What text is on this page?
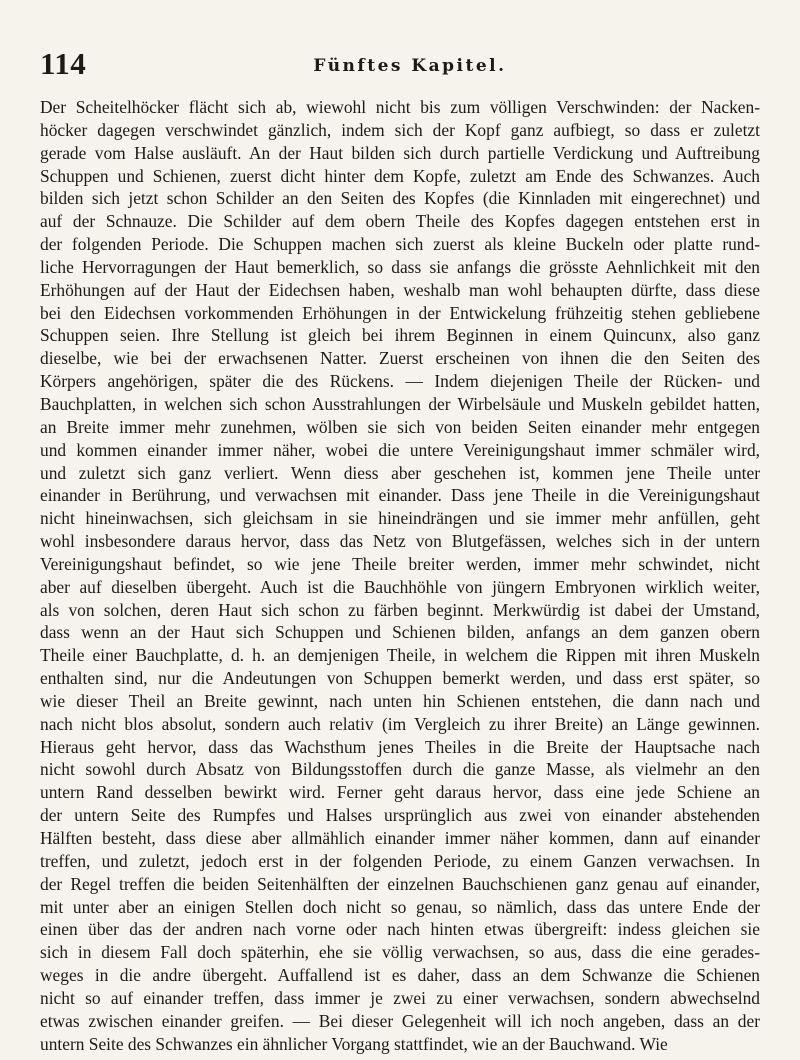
114	Fünftes Kapitel.
Der Scheitelhöcker flächt sich ab, wiewohl nicht bis zum völligen Verschwinden: der Nacken-
höcker dagegen verschwindet gänzlich, indem sich der Kopf ganz aufbiegt, so dass er zuletzt
gerade vom Halse ausläuft. An der Haut bilden sich durch partielle Verdickung und Auftreibung
Schuppen und Schienen, zuerst dicht hinter dem Kopfe, zuletzt am Ende des Schwanzes. Auch
bilden sich jetzt schon Schilder an den Seiten des Kopfes (die Kinnladen mit eingerechnet) und
auf der Schnauze. Die Schilder auf dem obern Theile des Kopfes dagegen entstehen erst in
der folgenden Periode. Die Schuppen machen sich zuerst als kleine Buckeln oder platte rund-
liche Hervorragungen der Haut bemerklich, so dass sie anfangs die grösste Aehnlichkeit mit den
Erhöhungen auf der Haut der Eidechsen haben, weshalb man wohl behaupten dürfte, dass diese
bei den Eidechsen vorkommenden Erhöhungen in der Entwickelung frühzeitig stehen gebliebene
Schuppen seien. Ihre Stellung ist gleich bei ihrem Beginnen in einem Quincunx, also ganz
dieselbe, wie bei der erwachsenen Natter. Zuerst erscheinen von ihnen die den Seiten des
Körpers angehörigen, später die des Rückens. — Indem diejenigen Theile der Rücken- und
Bauchplatten, in welchen sich schon Ausstrahlungen der Wirbelsäule und Muskeln gebildet hatten,
an Breite immer mehr zunehmen, wölben sie sich von beiden Seiten einander mehr entgegen
und kommen einander immer näher, wobei die untere Vereinigungshaut immer schmäler wird,
und zuletzt sich ganz verliert. Wenn diess aber geschehen ist, kommen jene Theile unter
einander in Berührung, und verwachsen mit einander. Dass jene Theile in die Vereinigungshaut
nicht hineinwachsen, sich gleichsam in sie hineindrängen und sie immer mehr anfüllen, geht
wohl insbesondere daraus hervor, dass das Netz von Blutgefässen, welches sich in der untern
Vereinigungshaut befindet, so wie jene Theile breiter werden, immer mehr schwindet, nicht
aber auf dieselben übergeht. Auch ist die Bauchhöhle von jüngern Embryonen wirklich weiter,
als von solchen, deren Haut sich schon zu färben beginnt. Merkwürdig ist dabei der Umstand,
dass wenn an der Haut sich Schuppen und Schienen bilden, anfangs an dem ganzen obern
Theile einer Bauchplatte, d. h. an demjenigen Theile, in welchem die Rippen mit ihren Muskeln
enthalten sind, nur die Andeutungen von Schuppen bemerkt werden, und dass erst später, so
wie dieser Theil an Breite gewinnt, nach unten hin Schienen entstehen, die dann nach und
nach nicht blos absolut, sondern auch relativ (im Vergleich zu ihrer Breite) an Länge gewinnen.
Hieraus geht hervor, dass das Wachsthum jenes Theiles in die Breite der Hauptsache nach
nicht sowohl durch Absatz von Bildungsstoffen durch die ganze Masse, als vielmehr an den
untern Rand desselben bewirkt wird. Ferner geht daraus hervor, dass eine jede Schiene an
der untern Seite des Rumpfes und Halses ursprünglich aus zwei von einander abstehenden
Hälften besteht, dass diese aber allmählich einander immer näher kommen, dann auf einander
treffen, und zuletzt, jedoch erst in der folgenden Periode, zu einem Ganzen verwachsen. In
der Regel treffen die beiden Seitenhälften der einzelnen Bauchschienen ganz genau auf einander,
mit unter aber an einigen Stellen doch nicht so genau, so nämlich, dass das untere Ende der
einen über das der andren nach vorne oder nach hinten etwas übergreift: indess gleichen sie
sich in diesem Fall doch späterhin, ehe sie völlig verwachsen, so aus, dass die eine gerades-
weges in die andre übergeht. Auffallend ist es daher, dass an dem Schwanze die Schienen
nicht so auf einander treffen, dass immer je zwei zu einer verwachsen, sondern abwechselnd
etwas zwischen einander greifen. — Bei dieser Gelegenheit will ich noch angeben, dass an der
untern Seite des Schwanzes ein ähnlicher Vorgang stattfindet, wie an der Bauchwand. Wie
